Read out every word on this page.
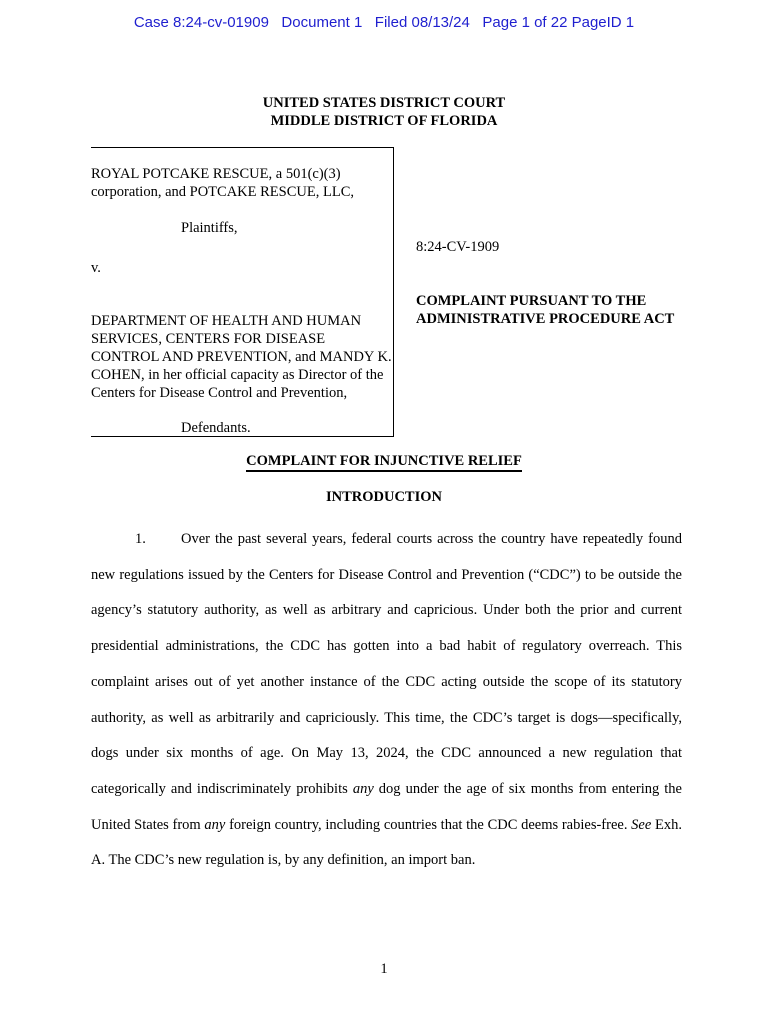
Case 8:24-cv-01909   Document 1   Filed 08/13/24   Page 1 of 22 PageID 1

UNITED STATES DISTRICT COURT
MIDDLE DISTRICT OF FLORIDA

ROYAL POTCAKE RESCUE, a 501(c)(3) corporation, and POTCAKE RESCUE, LLC,

Plaintiffs,

v.

DEPARTMENT OF HEALTH AND HUMAN SERVICES, CENTERS FOR DISEASE CONTROL AND PREVENTION, and MANDY K. COHEN, in her official capacity as Director of the Centers for Disease Control and Prevention,

Defendants.

8:24-CV-1909

COMPLAINT PURSUANT TO THE ADMINISTRATIVE PROCEDURE ACT

COMPLAINT FOR INJUNCTIVE RELIEF

INTRODUCTION

1. Over the past several years, federal courts across the country have repeatedly found new regulations issued by the Centers for Disease Control and Prevention (“CDC”) to be outside the agency’s statutory authority, as well as arbitrary and capricious. Under both the prior and current presidential administrations, the CDC has gotten into a bad habit of regulatory overreach. This complaint arises out of yet another instance of the CDC acting outside the scope of its statutory authority, as well as arbitrarily and capriciously. This time, the CDC’s target is dogs—specifically, dogs under six months of age. On May 13, 2024, the CDC announced a new regulation that categorically and indiscriminately prohibits any dog under the age of six months from entering the United States from any foreign country, including countries that the CDC deems rabies-free. See Exh. A. The CDC’s new regulation is, by any definition, an import ban.

1
